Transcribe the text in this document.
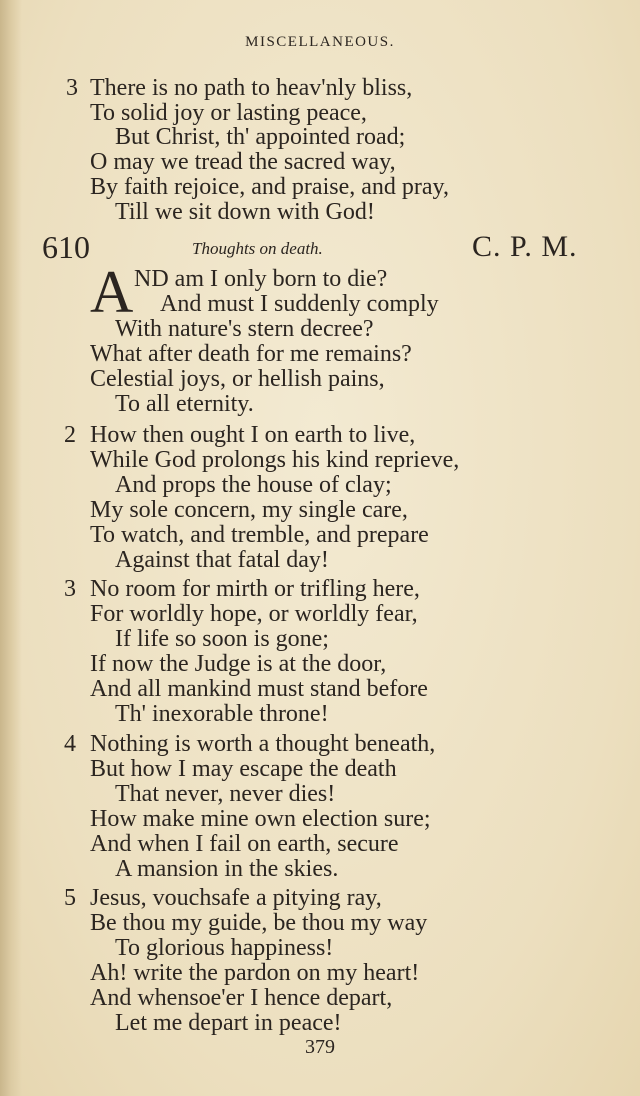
MISCELLANEOUS.
3 There is no path to heav'nly bliss,
To solid joy or lasting peace,
But Christ, th' appointed road;
O may we tread the sacred way,
By faith rejoice, and praise, and pray,
Till we sit down with God!
610	Thoughts on death.	C. P. M.
A ND am I only born to die?
And must I suddenly comply
With nature's stern decree?
What after death for me remains?
Celestial joys, or hellish pains,
To all eternity.
2 How then ought I on earth to live,
While God prolongs his kind reprieve,
And props the house of clay;
My sole concern, my single care,
To watch, and tremble, and prepare
Against that fatal day!
3 No room for mirth or trifling here,
For worldly hope, or worldly fear,
If life so soon is gone;
If now the Judge is at the door,
And all mankind must stand before
Th' inexorable throne!
4 Nothing is worth a thought beneath,
But how I may escape the death
That never, never dies!
How make mine own election sure;
And when I fail on earth, secure
A mansion in the skies.
5 Jesus, vouchsafe a pitying ray,
Be thou my guide, be thou my way
To glorious happiness!
Ah! write the pardon on my heart!
And whensoe'er I hence depart,
Let me depart in peace!
379
